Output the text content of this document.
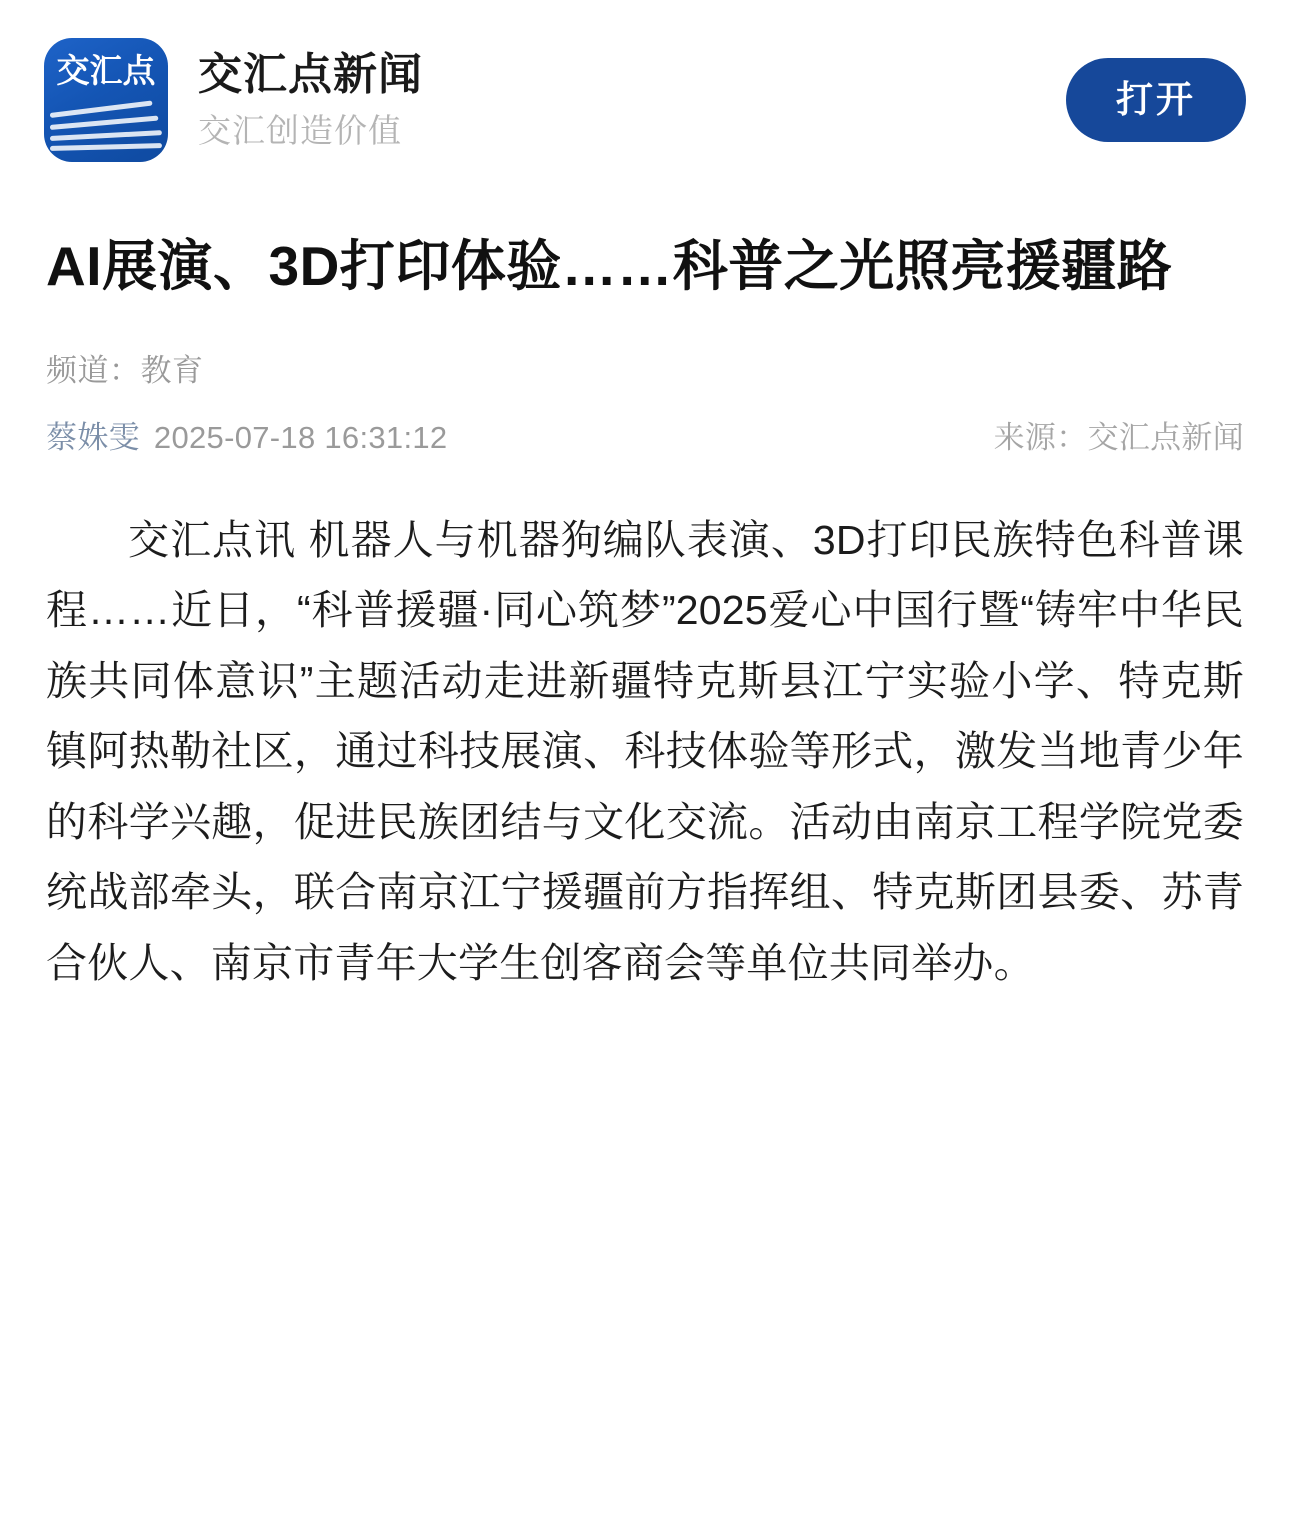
交汇点 交汇点新闻
交汇创造价值
打开
AI展演、3D打印体验……科普之光照亮援疆路
频道：教育
蔡姝雯 2025-07-18 16:31:12	来源：交汇点新闻

交汇点讯 机器人与机器狗编队表演、3D打印民族特色科普课程……近日，“科普援疆·同心筑梦”2025爱心中国行暨“铸牢中华民族共同体意识”主题活动走进新疆特克斯县江宁实验小学、特克斯镇阿热勒社区，通过科技展演、科技体验等形式，激发当地青少年的科学兴趣，促进民族团结与文化交流。活动由南京工程学院党委统战部牵头，联合南京江宁援疆前方指挥组、特克斯团县委、苏青合伙人、南京市青年大学生创客商会等单位共同举办。
